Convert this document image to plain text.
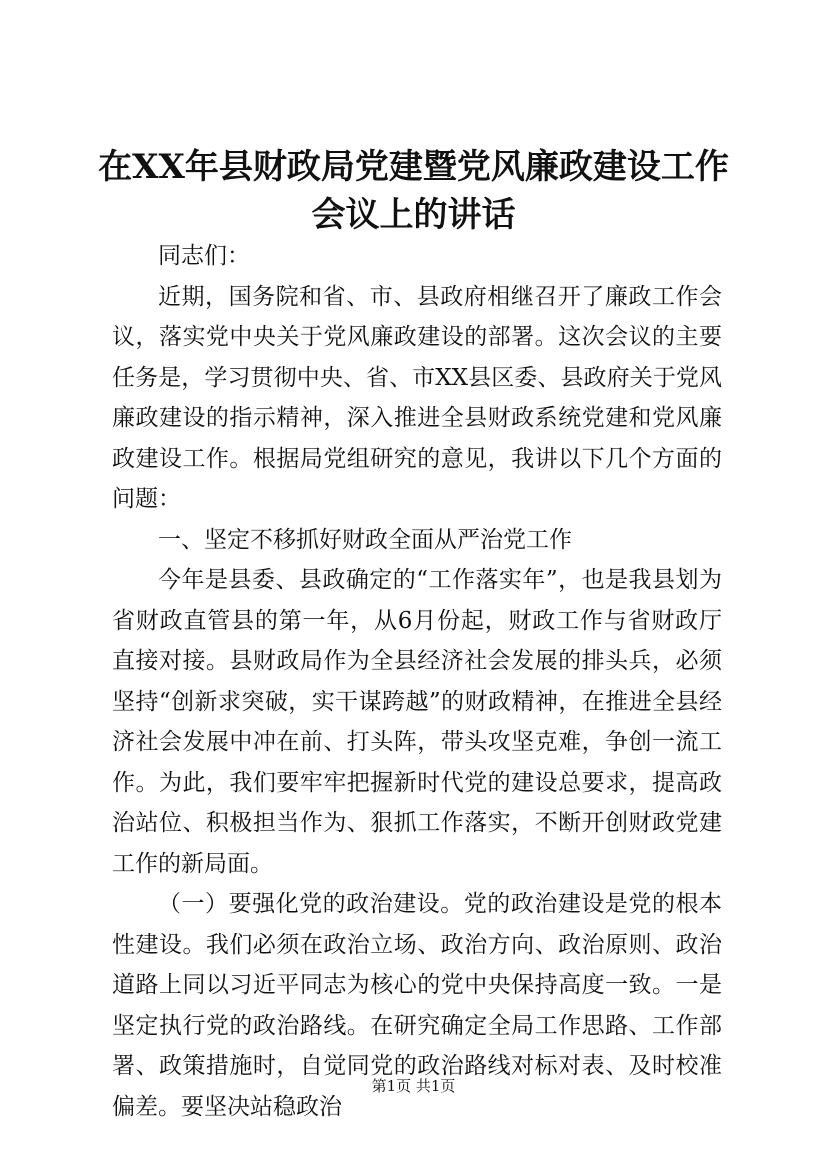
在XX年县财政局党建暨党风廉政建设工作会议上的讲话

同志们：

近期，国务院和省、市、县政府相继召开了廉政工作会议，落实党中央关于党风廉政建设的部署。这次会议的主要任务是，学习贯彻中央、省、市XX县区委、县政府关于党风廉政建设的指示精神，深入推进全县财政系统党建和党风廉政建设工作。根据局党组研究的意见，我讲以下几个方面的问题：

一、坚定不移抓好财政全面从严治党工作

今年是县委、县政确定的“工作落实年”，也是我县划为省财政直管县的第一年，从6月份起，财政工作与省财政厅直接对接。县财政局作为全县经济社会发展的排头兵，必须坚持“创新求突破，实干谋跨越”的财政精神，在推进全县经济社会发展中冲在前、打头阵，带头攻坚克难，争创一流工作。为此，我们要牢牢把握新时代党的建设总要求，提高政治站位、积极担当作为、狠抓工作落实，不断开创财政党建工作的新局面。

（一）要强化党的政治建设。党的政治建设是党的根本性建设。我们必须在政治立场、政治方向、政治原则、政治道路上同以习近平同志为核心的党中央保持高度一致。一是坚定执行党的政治路线。在研究确定全局工作思路、工作部署、政策措施时，自觉同党的政治路线对标对表、及时校准偏差。要坚决站稳政治

第1页 共1页
